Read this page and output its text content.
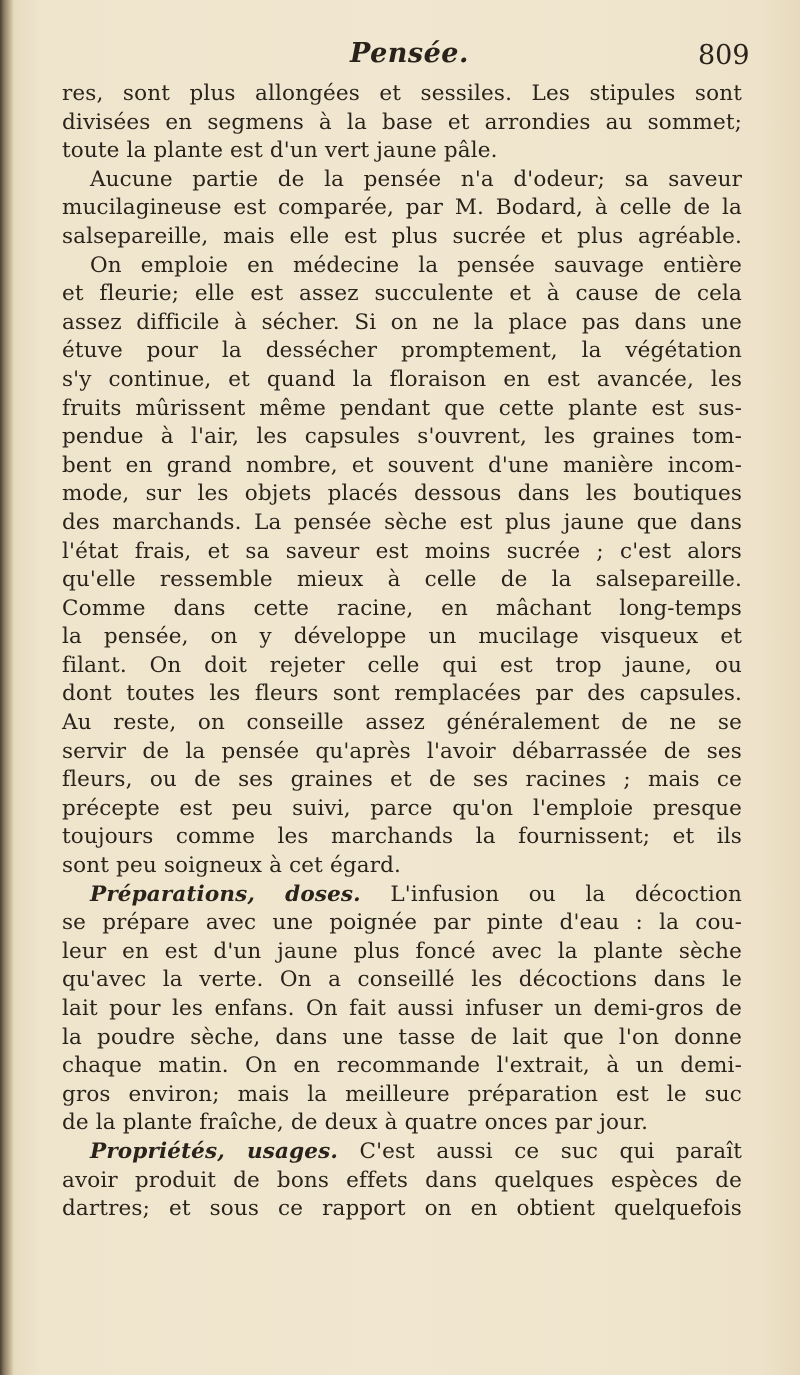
Pensée.	809
res, sont plus allongées et sessiles. Les stipules sont
divisées en segmens à la base et arrondies au sommet;
toute la plante est d'un vert jaune pâle.
Aucune partie de la pensée n'a d'odeur; sa saveur
mucilagineuse est comparée, par M. Bodard, à celle de la
salsepareille, mais elle est plus sucrée et plus agréable.
On emploie en médecine la pensée sauvage entière
et fleurie; elle est assez succulente et à cause de cela
assez difficile à sécher. Si on ne la place pas dans une
étuve pour la dessécher promptement, la végétation
s'y continue, et quand la floraison en est avancée, les
fruits mûrissent même pendant que cette plante est sus-
pendue à l'air, les capsules s'ouvrent, les graines tom-
bent en grand nombre, et souvent d'une manière incom-
mode, sur les objets placés dessous dans les boutiques
des marchands. La pensée sèche est plus jaune que dans
l'état frais, et sa saveur est moins sucrée ; c'est alors
qu'elle ressemble mieux à celle de la salsepareille.
Comme dans cette racine, en mâchant long-temps
la pensée, on y développe un mucilage visqueux et
filant. On doit rejeter celle qui est trop jaune, ou
dont toutes les fleurs sont remplacées par des capsules.
Au reste, on conseille assez généralement de ne se
servir de la pensée qu'après l'avoir débarrassée de ses
fleurs, ou de ses graines et de ses racines ; mais ce
précepte est peu suivi, parce qu'on l'emploie presque
toujours comme les marchands la fournissent; et ils
sont peu soigneux à cet égard.
Préparations, doses. L'infusion ou la décoction
se prépare avec une poignée par pinte d'eau : la cou-
leur en est d'un jaune plus foncé avec la plante sèche
qu'avec la verte. On a conseillé les décoctions dans le
lait pour les enfans. On fait aussi infuser un demi-gros de
la poudre sèche, dans une tasse de lait que l'on donne
chaque matin. On en recommande l'extrait, à un demi-
gros environ; mais la meilleure préparation est le suc
de la plante fraîche, de deux à quatre onces par jour.
Propriétés, usages. C'est aussi ce suc qui paraît
avoir produit de bons effets dans quelques espèces de
dartres; et sous ce rapport on en obtient quelquefois
